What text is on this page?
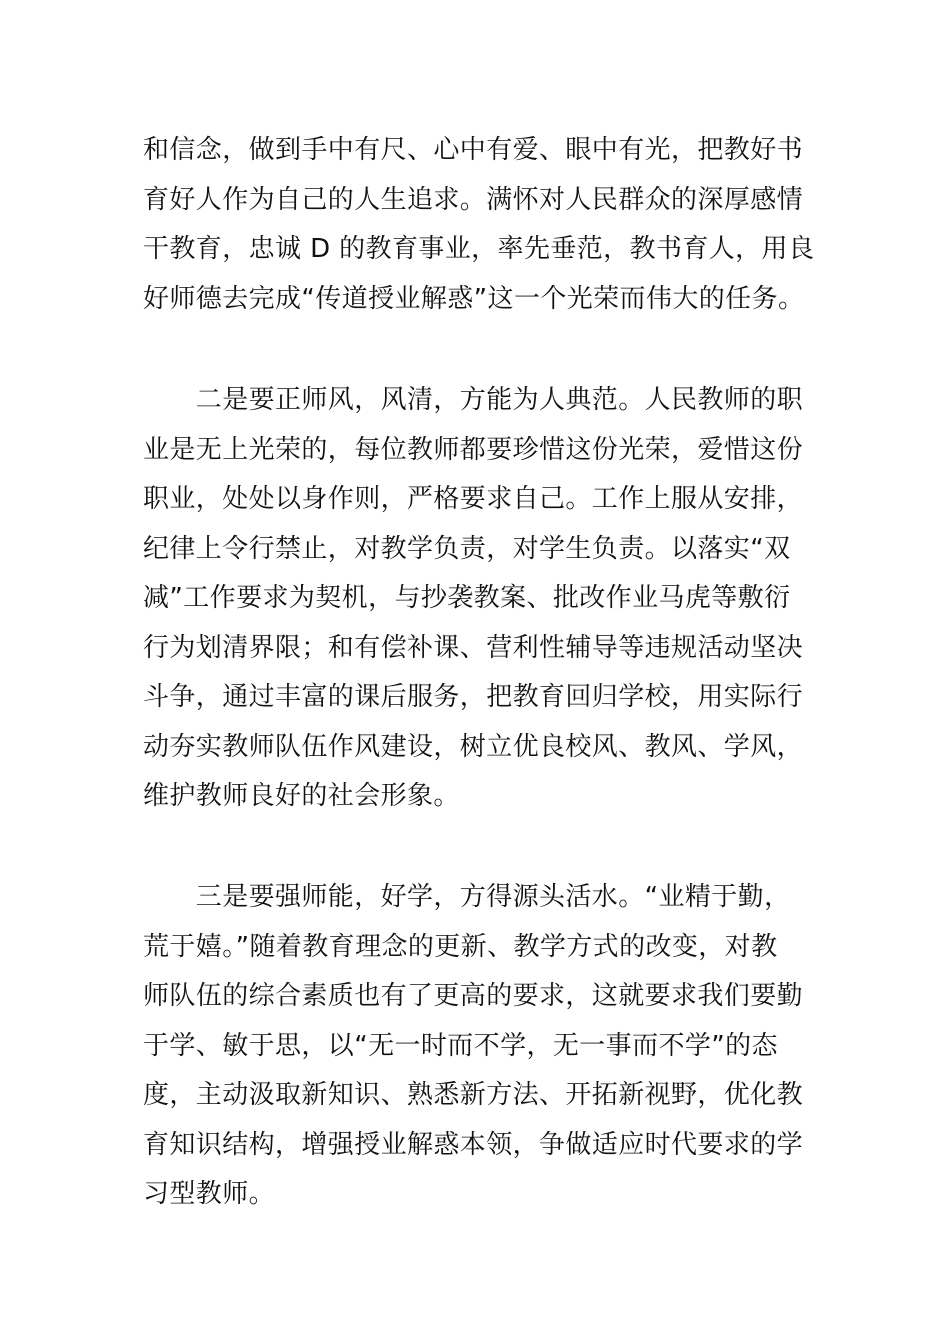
和信念，做到手中有尺、心中有爱、眼中有光，把教好书
育好人作为自己的人生追求。满怀对人民群众的深厚感情
干教育，忠诚 D 的教育事业，率先垂范，教书育人，用良
好师德去完成“传道授业解惑”这一个光荣而伟大的任务。
　　二是要正师风，风清，方能为人典范。人民教师的职
业是无上光荣的，每位教师都要珍惜这份光荣，爱惜这份
职业，处处以身作则，严格要求自己。工作上服从安排，
纪律上令行禁止，对教学负责，对学生负责。以落实“双
减”工作要求为契机，与抄袭教案、批改作业马虎等敷衍
行为划清界限；和有偿补课、营利性辅导等违规活动坚决
斗争，通过丰富的课后服务，把教育回归学校，用实际行
动夯实教师队伍作风建设，树立优良校风、教风、学风，
维护教师良好的社会形象。
　　三是要强师能，好学，方得源头活水。“业精于勤，
荒于嬉。”随着教育理念的更新、教学方式的改变，对教
师队伍的综合素质也有了更高的要求，这就要求我们要勤
于学、敏于思，以“无一时而不学，无一事而不学”的态
度，主动汲取新知识、熟悉新方法、开拓新视野，优化教
育知识结构，增强授业解惑本领，争做适应时代要求的学
习型教师。
